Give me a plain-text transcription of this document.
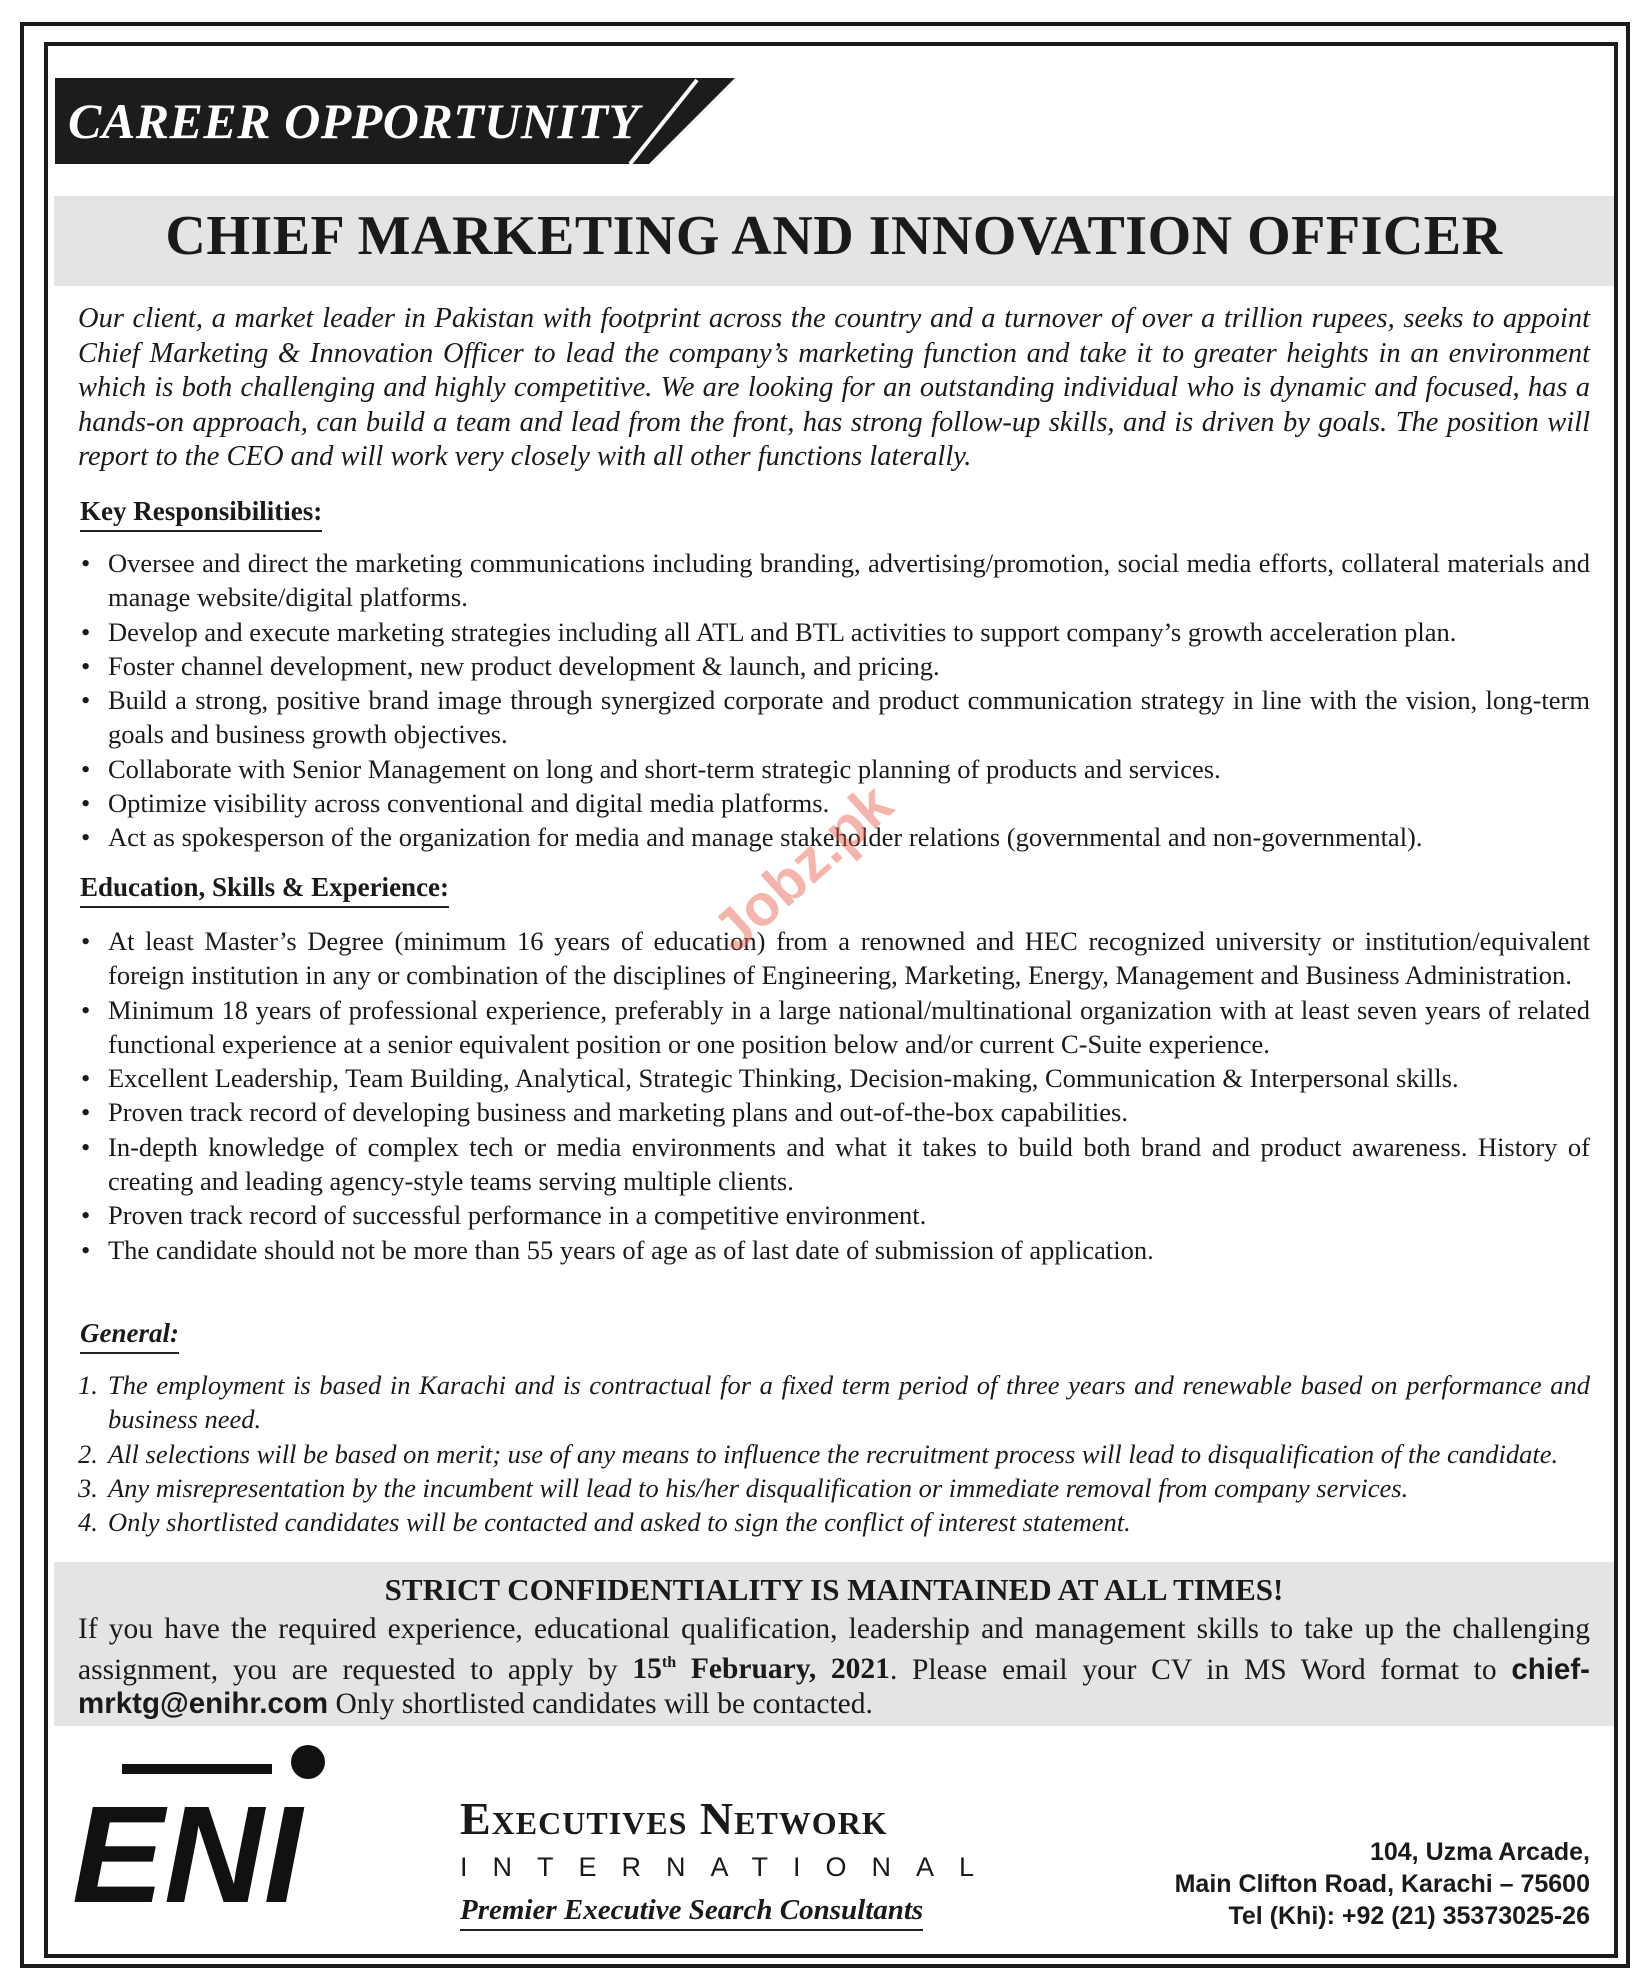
CAREER OPPORTUNITY
CHIEF MARKETING AND INNOVATION OFFICER
Our client, a market leader in Pakistan with footprint across the country and a turnover of over a trillion rupees, seeks to appoint Chief Marketing & Innovation Officer to lead the company’s marketing function and take it to greater heights in an environment which is both challenging and highly competitive. We are looking for an outstanding individual who is dynamic and focused, has a hands-on approach, can build a team and lead from the front, has strong follow-up skills, and is driven by goals. The position will report to the CEO and will work very closely with all other functions laterally.
Key Responsibilities:
• Oversee and direct the marketing communications including branding, advertising/promotion, social media efforts, collateral materials and manage website/digital platforms.
• Develop and execute marketing strategies including all ATL and BTL activities to support company’s growth acceleration plan.
• Foster channel development, new product development & launch, and pricing.
• Build a strong, positive brand image through synergized corporate and product communication strategy in line with the vision, long-term goals and business growth objectives.
• Collaborate with Senior Management on long and short-term strategic planning of products and services.
• Optimize visibility across conventional and digital media platforms.
• Act as spokesperson of the organization for media and manage stakeholder relations (governmental and non-governmental).
Education, Skills & Experience:
• At least Master’s Degree (minimum 16 years of education) from a renowned and HEC recognized university or institution/equivalent foreign institution in any or combination of the disciplines of Engineering, Marketing, Energy, Management and Business Administration.
• Minimum 18 years of professional experience, preferably in a large national/multinational organization with at least seven years of related functional experience at a senior equivalent position or one position below and/or current C-Suite experience.
• Excellent Leadership, Team Building, Analytical, Strategic Thinking, Decision-making, Communication & Interpersonal skills.
• Proven track record of developing business and marketing plans and out-of-the-box capabilities.
• In-depth knowledge of complex tech or media environments and what it takes to build both brand and product awareness. History of creating and leading agency-style teams serving multiple clients.
• Proven track record of successful performance in a competitive environment.
• The candidate should not be more than 55 years of age as of last date of submission of application.
General:
1. The employment is based in Karachi and is contractual for a fixed term period of three years and renewable based on performance and business need.
2. All selections will be based on merit; use of any means to influence the recruitment process will lead to disqualification of the candidate.
3. Any misrepresentation by the incumbent will lead to his/her disqualification or immediate removal from company services.
4. Only shortlisted candidates will be contacted and asked to sign the conflict of interest statement.
STRICT CONFIDENTIALITY IS MAINTAINED AT ALL TIMES!
If you have the required experience, educational qualification, leadership and management skills to take up the challenging assignment, you are requested to apply by 15th February, 2021. Please email your CV in MS Word format to chief-mrktg@enihr.com Only shortlisted candidates will be contacted.
ENI	Executives Network
INTERNATIONAL
Premier Executive Search Consultants
104, Uzma Arcade,
Main Clifton Road, Karachi – 75600
Tel (Khi): +92 (21) 35373025-26
Jobz.pk
